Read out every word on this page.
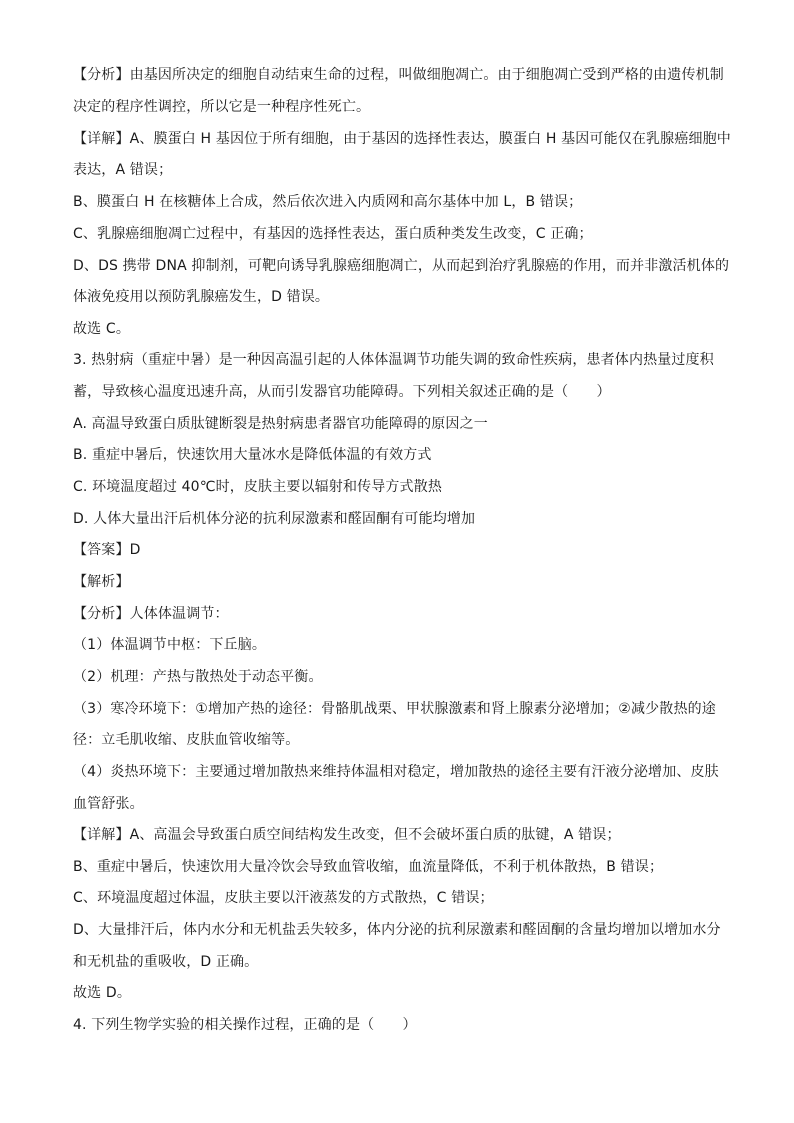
【分析】由基因所决定的细胞自动结束生命的过程，叫做细胞凋亡。由于细胞凋亡受到严格的由遗传机制
决定的程序性调控，所以它是一种程序性死亡。
【详解】A、膜蛋白 H 基因位于所有细胞，由于基因的选择性表达，膜蛋白 H 基因可能仅在乳腺癌细胞中
表达，A 错误；
B、膜蛋白 H 在核糖体上合成，然后依次进入内质网和高尔基体中加 L，B 错误；
C、乳腺癌细胞凋亡过程中，有基因的选择性表达，蛋白质种类发生改变，C 正确；
D、DS 携带 DNA 抑制剂，可靶向诱导乳腺癌细胞凋亡，从而起到治疗乳腺癌的作用，而并非激活机体的
体液免疫用以预防乳腺癌发生，D 错误。
故选 C。
3. 热射病（重症中暑）是一种因高温引起的人体体温调节功能失调的致命性疾病，患者体内热量过度积
蓄，导致核心温度迅速升高，从而引发器官功能障碍。下列相关叙述正确的是（　　）
A. 高温导致蛋白质肽键断裂是热射病患者器官功能障碍的原因之一
B. 重症中暑后，快速饮用大量冰水是降低体温的有效方式
C. 环境温度超过 40℃时，皮肤主要以辐射和传导方式散热
D. 人体大量出汗后机体分泌的抗利尿激素和醛固酮有可能均增加
【答案】D
【解析】
【分析】人体体温调节：
（1）体温调节中枢：下丘脑。
（2）机理：产热与散热处于动态平衡。
（3）寒冷环境下：①增加产热的途径：骨骼肌战栗、甲状腺激素和肾上腺素分泌增加；②减少散热的途
径：立毛肌收缩、皮肤血管收缩等。
（4）炎热环境下：主要通过增加散热来维持体温相对稳定，增加散热的途径主要有汗液分泌增加、皮肤
血管舒张。
【详解】A、高温会导致蛋白质空间结构发生改变，但不会破坏蛋白质的肽键，A 错误；
B、重症中暑后，快速饮用大量冷饮会导致血管收缩，血流量降低，不利于机体散热，B 错误；
C、环境温度超过体温，皮肤主要以汗液蒸发的方式散热，C 错误；
D、大量排汗后，体内水分和无机盐丢失较多，体内分泌的抗利尿激素和醛固酮的含量均增加以增加水分
和无机盐的重吸收，D 正确。
故选 D。
4. 下列生物学实验的相关操作过程，正确的是（　　）
